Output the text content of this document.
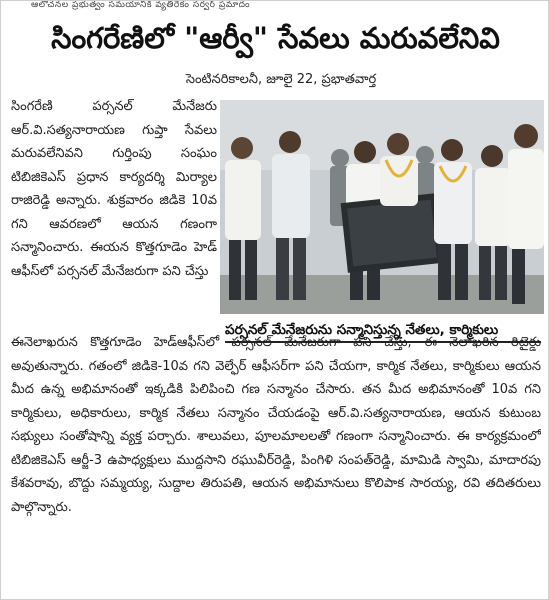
ఆలోచనల ప్రభుత్వం సమయానికి వ్యతిరేకం సర్వర్ ప్రమాదం
సింగరేణిలో "ఆర్వీ" సేవలు మరువలేనివి
సెంటినరికాలనీ, జూలై 22, ప్రభాతవార్త
సింగరేణి పర్సనల్ మేనేజరు ఆర్.వి.సత్యనారాయణ గుప్తా సేవలు మరువలేనివని గుర్తింపు సంఘం టిబిజికెఎస్ ప్రధాన కార్యదర్శి మిర్యాల రాజిరెడ్డి అన్నారు. శుక్రవారం జిడికె 10వ గని ఆవరణలో ఆయన గణంగా సన్మానించారు. ఈయన కొత్తగూడెం హెడ్ ఆఫీస్‌లో పర్సనల్ మేనేజరుగా పని చేస్తు
పర్సనల్ మేనేజరును సన్మానిస్తున్న నేతలు, కార్మికులు
ఈనెలాఖరున కొత్తగూడెం హెడ్‌ఆఫీస్‌లో పర్సనల్ మేనేజరుగా పని చేస్తు, ఈ నెలాఖరిన రిటైర్డు అవుతున్నారు. గతంలో జిడికె-10వ గని వెల్ఫేర్ ఆఫీసర్‌గా పని చేయగా, కార్మిక నేతలు, కార్మికులు ఆయన మీద ఉన్న అభిమానంతో ఇక్కడికి పిలిపించి గణ సన్మానం చేసారు. తన మీద అభిమానంతో 10వ గని కార్మికులు, అధికారులు, కార్మిక నేతలు సన్మానం చేయడంపై ఆర్.వి.సత్యనారాయణ, ఆయన కుటుంబ సభ్యులు సంతోషాన్ని వ్యక్త పర్చారు. శాలువలు, పూలమాలలతో గణంగా సన్మానించారు. ఈ కార్యక్రమంలో టిబిజికెఎస్ ఆర్జీ-3 ఉపాధ్యక్షులు ముద్దసాని రఘువీర్‌రెడ్డి, పింగిళి సంపత్‌రెడ్డి, మామిడి స్వామి, మాదారపు కేశవరావు, బొద్దు సమ్మయ్య, సుద్దాల తిరుపతి, ఆయన అభిమానులు కొలిపాక సారయ్య, రవి తదితరులు పాల్గొన్నారు.
